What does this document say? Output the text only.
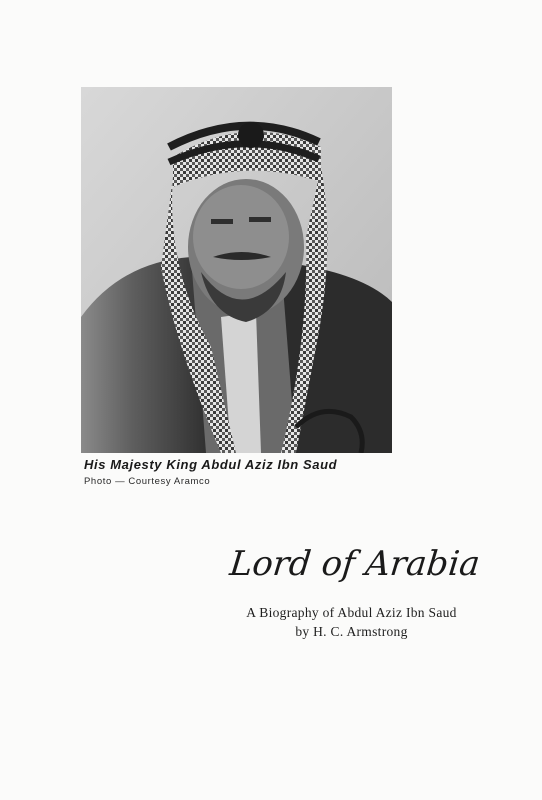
His Majesty King Abdul Aziz Ibn Saud
Photo — Courtesy Aramco
Lord of Arabia
A Biography of Abdul Aziz Ibn Saud
by H. C. Armstrong
